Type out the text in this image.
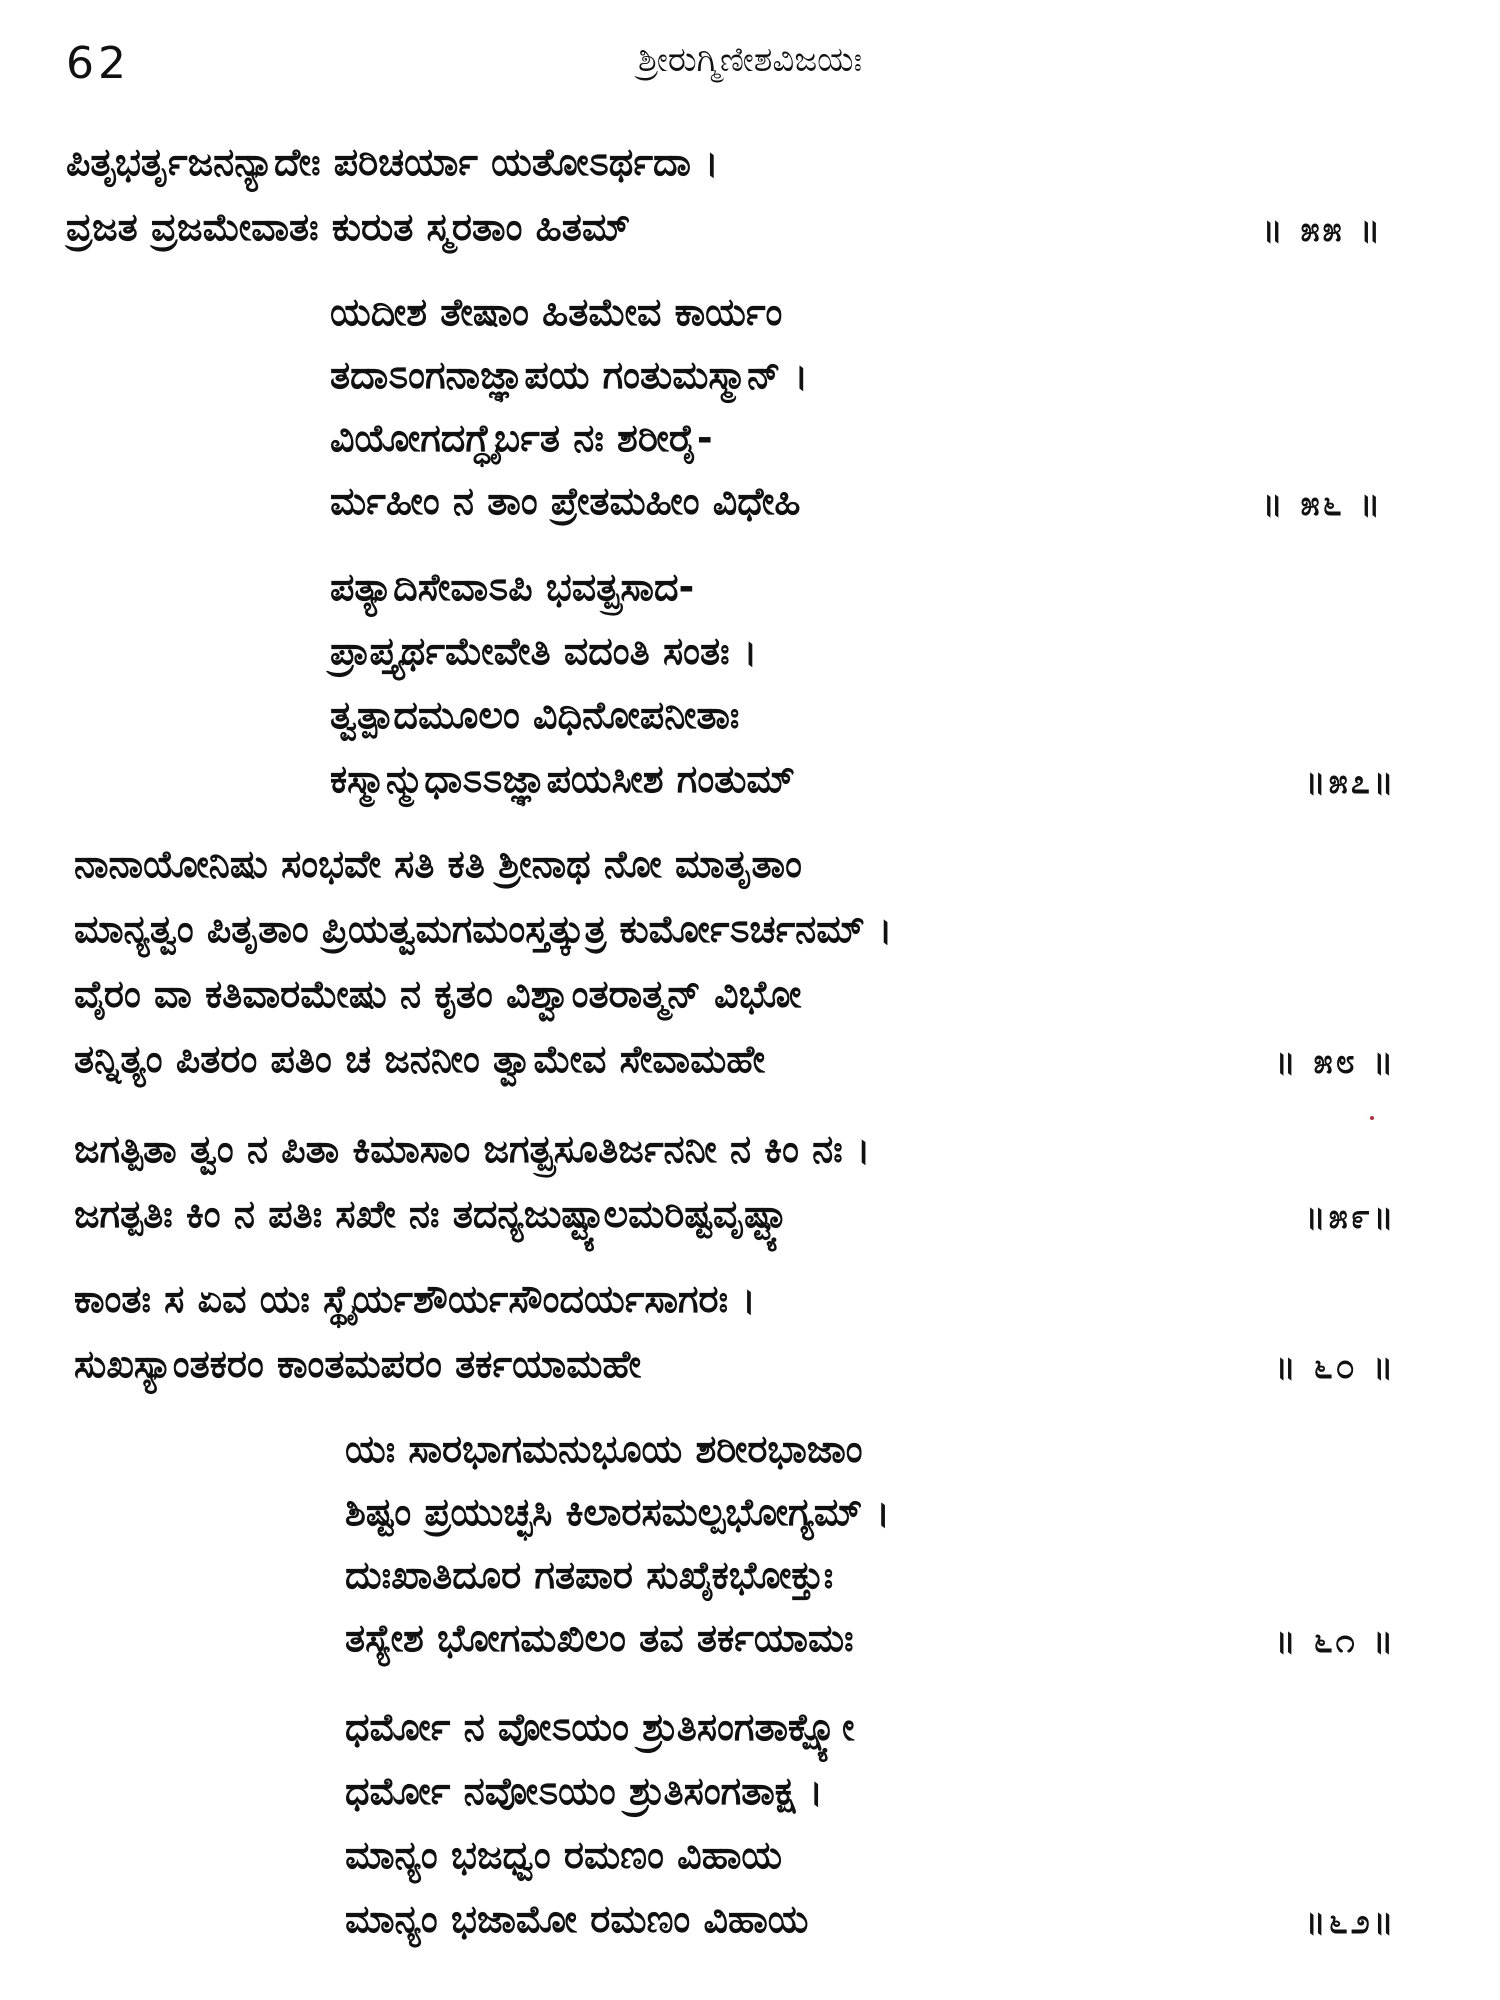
62	ಶ್ರೀರುಗ್ಮಿಣೀಶವಿಜಯಃ
ಪಿತೃಭರ್ತೃಜನನ್ಯಾದೇಃ ಪರಿಚರ್ಯಾ ಯತೋಽರ್ಥದಾ ।
ವ್ರಜತ ವ್ರಜಮೇವಾತಃ ಕುರುತ ಸ್ಮರತಾಂ ಹಿತಮ್	॥ ೫೫ ॥
ಯದೀಶ ತೇಷಾಂ ಹಿತಮೇವ ಕಾರ್ಯಂ
ತದಾಽಂಗನಾಜ್ಞಾಪಯ ಗಂತುಮಸ್ಮಾನ್ ।
ವಿಯೋಗದಗ್ಧೈರ್ಬತ ನಃ ಶರೀರೈ-
ರ್ಮಹೀಂ ನ ತಾಂ ಪ್ರೇತಮಹೀಂ ವಿಧೇಹಿ	॥ ೫೬ ॥
ಪತ್ಯಾದಿಸೇವಾಽಪಿ ಭವತ್ಪ್ರಸಾದ-
ಪ್ರಾಪ್ತ್ಯರ್ಥಮೇವೇತಿ ವದಂತಿ ಸಂತಃ ।
ತ್ವತ್ಪಾದಮೂಲಂ ವಿಧಿನೋಪನೀತಾಃ
ಕಸ್ಮಾನ್ಮುಧಾಽಽಜ್ಞಾಪಯಸೀಶ ಗಂತುಮ್	॥೫೭॥
ನಾನಾಯೋನಿಷು ಸಂಭವೇ ಸತಿ ಕತಿ ಶ್ರೀನಾಥ ನೋ ಮಾತೃತಾಂ
ಮಾನ್ಯತ್ವಂ ಪಿತೃತಾಂ ಪ್ರಿಯತ್ವಮಗಮಂಸ್ತತ್ಕುತ್ರ ಕುರ್ಮೋಽರ್ಚನಮ್ ।
ವೈರಂ ವಾ ಕತಿವಾರಮೇಷು ನ ಕೃತಂ ವಿಶ್ವಾಂತರಾತ್ಮನ್ ವಿಭೋ
ತನ್ನಿತ್ಯಂ ಪಿತರಂ ಪತಿಂ ಚ ಜನನೀಂ ತ್ವಾಮೇವ ಸೇವಾಮಹೇ	॥ ೫೮ ॥
ಜಗತ್ಪಿತಾ ತ್ವಂ ನ ಪಿತಾ ಕಿಮಾಸಾಂ ಜಗತ್ಪ್ರಸೂತಿರ್ಜನನೀ ನ ಕಿಂ ನಃ ।
ಜಗತ್ಪತಿಃ ಕಿಂ ನ ಪತಿಃ ಸಖೇ ನಃ ತದನ್ಯಜುಷ್ಟ್ಯಾಲಮರಿಷ್ಟವೃಷ್ಟ್ಯಾ	॥೫೯॥
ಕಾಂತಃ ಸ ಏವ ಯಃ ಸ್ಥೈರ್ಯಶೌರ್ಯಸೌಂದರ್ಯಸಾಗರಃ ।
ಸುಖಸ್ಯಾಂತಕರಂ ಕಾಂತಮಪರಂ ತರ್ಕಯಾಮಹೇ	॥ ೬೦ ॥
ಯಃ ಸಾರಭಾಗಮನುಭೂಯ ಶರೀರಭಾಜಾಂ
ಶಿಷ್ಟಂ ಪ್ರಯುಚ್ಛಸಿ ಕಿಲಾರಸಮಲ್ಪಭೋಗ್ಯಮ್ ।
ದುಃಖಾತಿದೂರ ಗತಪಾರ ಸುಖೈಕಭೋಕ್ತುಃ
ತಸ್ಯೇಶ ಭೋಗಮಖಿಲಂ ತವ ತರ್ಕಯಾಮಃ	॥ ೬೧ ॥
ಧರ್ಮೋ ನ ವೋಽಯಂ ಶ್ರುತಿಸಂಗತಾಕ್ಷ್ಯೋ
ಧರ್ಮೋ ನವೋಽಯಂ ಶ್ರುತಿಸಂಗತಾಕ್ಷ ।
ಮಾನ್ಯಂ ಭಜಧ್ವಂ ರಮಣಂ ವಿಹಾಯ
ಮಾನ್ಯಂ ಭಜಾಮೋ ರಮಣಂ ವಿಹಾಯ	॥೬೨॥
